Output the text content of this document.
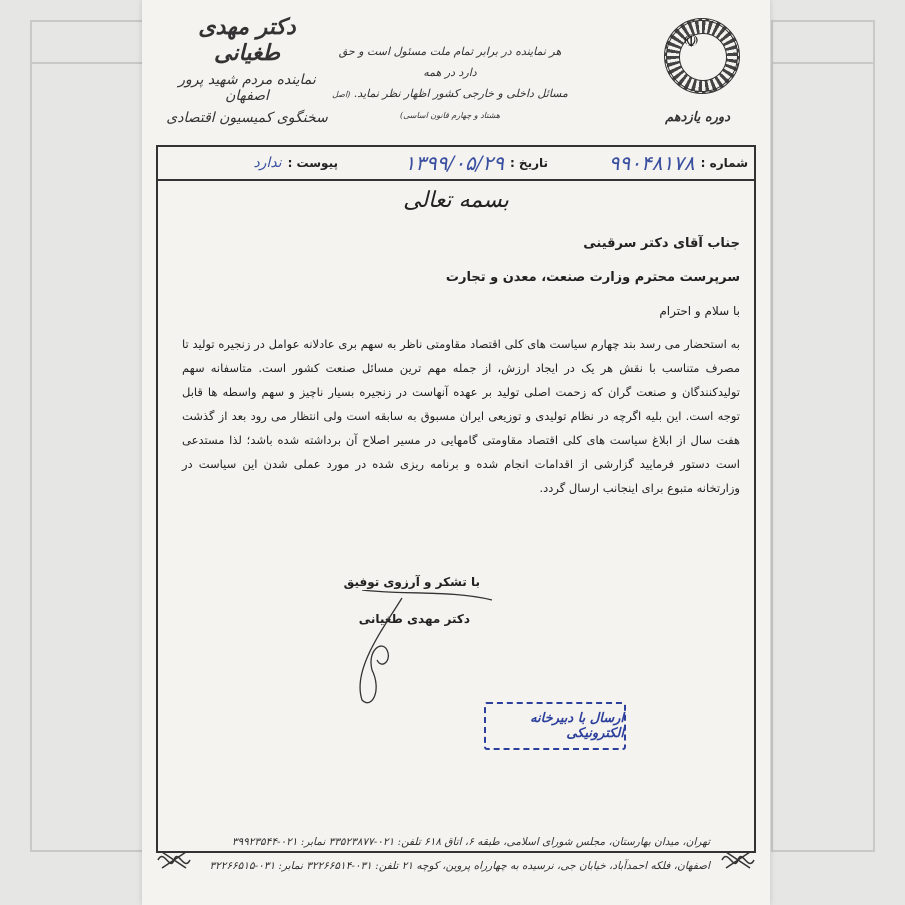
دکتر مهدی طغیانی
نماینده مردم شهید پرور اصفهان
سخنگوی کمیسیون اقتصادی
هر نماینده در برابر تمام ملت مسئول است و حق دارد در همه
مسائل داخلی و خارجی کشور اظهار نظر نماید. (اصل هشتاد و چهارم قانون اساسی)
☫
دوره یازدهم
شماره :
۹۹۰۴۸۱۷۸
تاریخ :
۱۳۹۹/۰۵/۲۹
پیوست :
ندارد
بسمه تعالی
جناب آقای دکتر سرقینی
سرپرست محترم وزارت صنعت، معدن و تجارت
با سلام و احترام

به استحضار می رسد بند چهارم سیاست های کلی اقتصاد مقاومتی ناظر به سهم بری عادلانه عوامل در زنجیره تولید تا مصرف متناسب با نقش هر یک در ایجاد ارزش، از جمله مهم ترین مسائل صنعت کشور است. متاسفانه سهم تولیدکنندگان و صنعت گران که زحمت اصلی تولید بر عهده آنهاست در زنجیره بسیار ناچیز و سهم واسطه ها قابل توجه است. این بلیه اگرچه در نظام تولیدی و توزیعی ایران مسبوق به سابقه است ولی انتظار می رود بعد از گذشت هفت سال از ابلاغ سیاست های کلی اقتصاد مقاومتی گامهایی در مسیر اصلاح آن برداشته شده باشد؛ لذا مستدعی است دستور فرمایید گزارشی از اقدامات انجام شده و برنامه ریزی شده در مورد عملی شدن این سیاست در وزارتخانه متبوع برای اینجانب ارسال گردد.

با تشکر و آرزوی توفیق
دکتر مهدی طغیانی
ارسال با دبیرخانه الکترونیکی
تهران، میدان بهارستان، مجلس شورای اسلامی، طبقه ۶، اتاق ۶۱۸ تلفن: ۰۲۱-۳۳۵۲۳۸۷۷ نمابر: ۰۲۱-۳۹۹۲۳۵۴۴
اصفهان، فلکه احمدآباد، خیابان جی، نرسیده به چهارراه پروین، کوچه ۲۱ تلفن: ۰۳۱-۳۲۲۶۶۵۱۴ نمابر: ۰۳۱-۳۲۲۶۶۵۱۵
